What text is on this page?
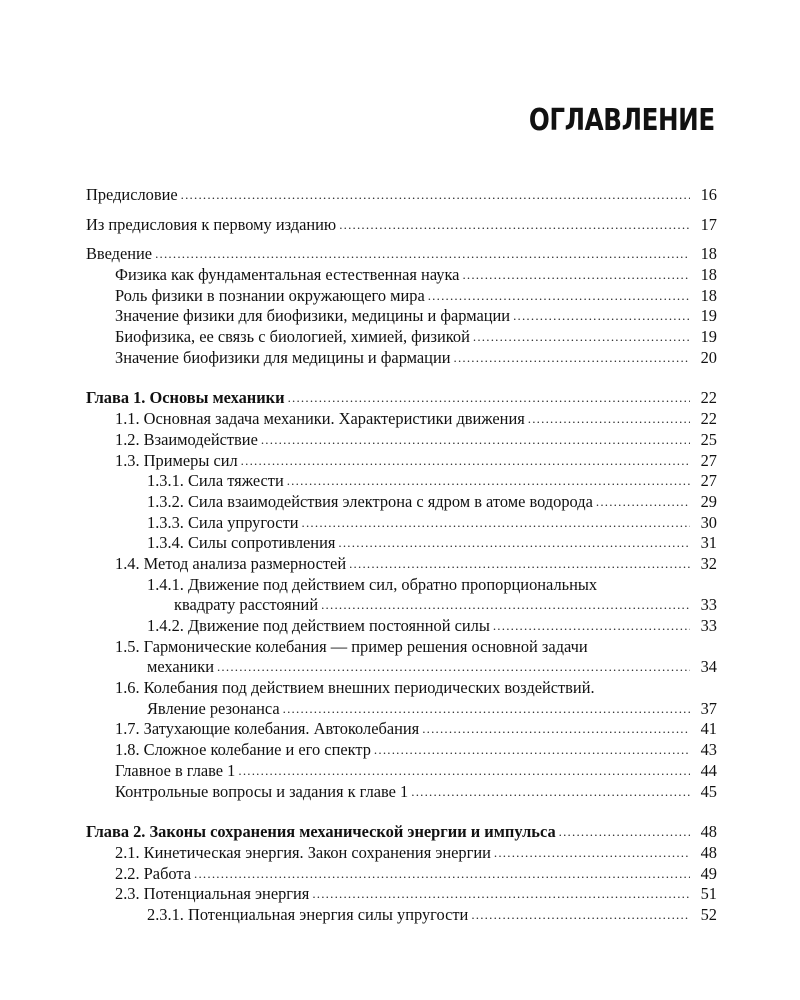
ОГЛАВЛЕНИЕ
Предисловие .....	16
Из предисловия к первому изданию .....	17
Введение .....	18
Физика как фундаментальная естественная наука .....	18
Роль физики в познании окружающего мира .....	18
Значение физики для биофизики, медицины и фармации .....	19
Биофизика, ее связь с биологией, химией, физикой .....	19
Значение биофизики для медицины и фармации .....	20
Глава 1. Основы механики .....	22
1.1. Основная задача механики. Характеристики движения .....	22
1.2. Взаимодействие .....	25
1.3. Примеры сил .....	27
1.3.1. Сила тяжести .....	27
1.3.2. Сила взаимодействия электрона с ядром в атоме водорода .....	29
1.3.3. Сила упругости .....	30
1.3.4. Силы сопротивления .....	31
1.4. Метод анализа размерностей .....	32
1.4.1. Движение под действием сил, обратно пропорциональных
квадрату расстояний .....	33
1.4.2. Движение под действием постоянной силы .....	33
1.5. Гармонические колебания — пример решения основной задачи
механики .....	34
1.6. Колебания под действием внешних периодических воздействий.
Явление резонанса .....	37
1.7. Затухающие колебания. Автоколебания .....	41
1.8. Сложное колебание и его спектр .....	43
Главное в главе 1 .....	44
Контрольные вопросы и задания к главе 1 .....	45
Глава 2. Законы сохранения механической энергии и импульса .....	48
2.1. Кинетическая энергия. Закон сохранения энергии .....	48
2.2. Работа .....	49
2.3. Потенциальная энергия .....	51
2.3.1. Потенциальная энергия силы упругости .....	52
